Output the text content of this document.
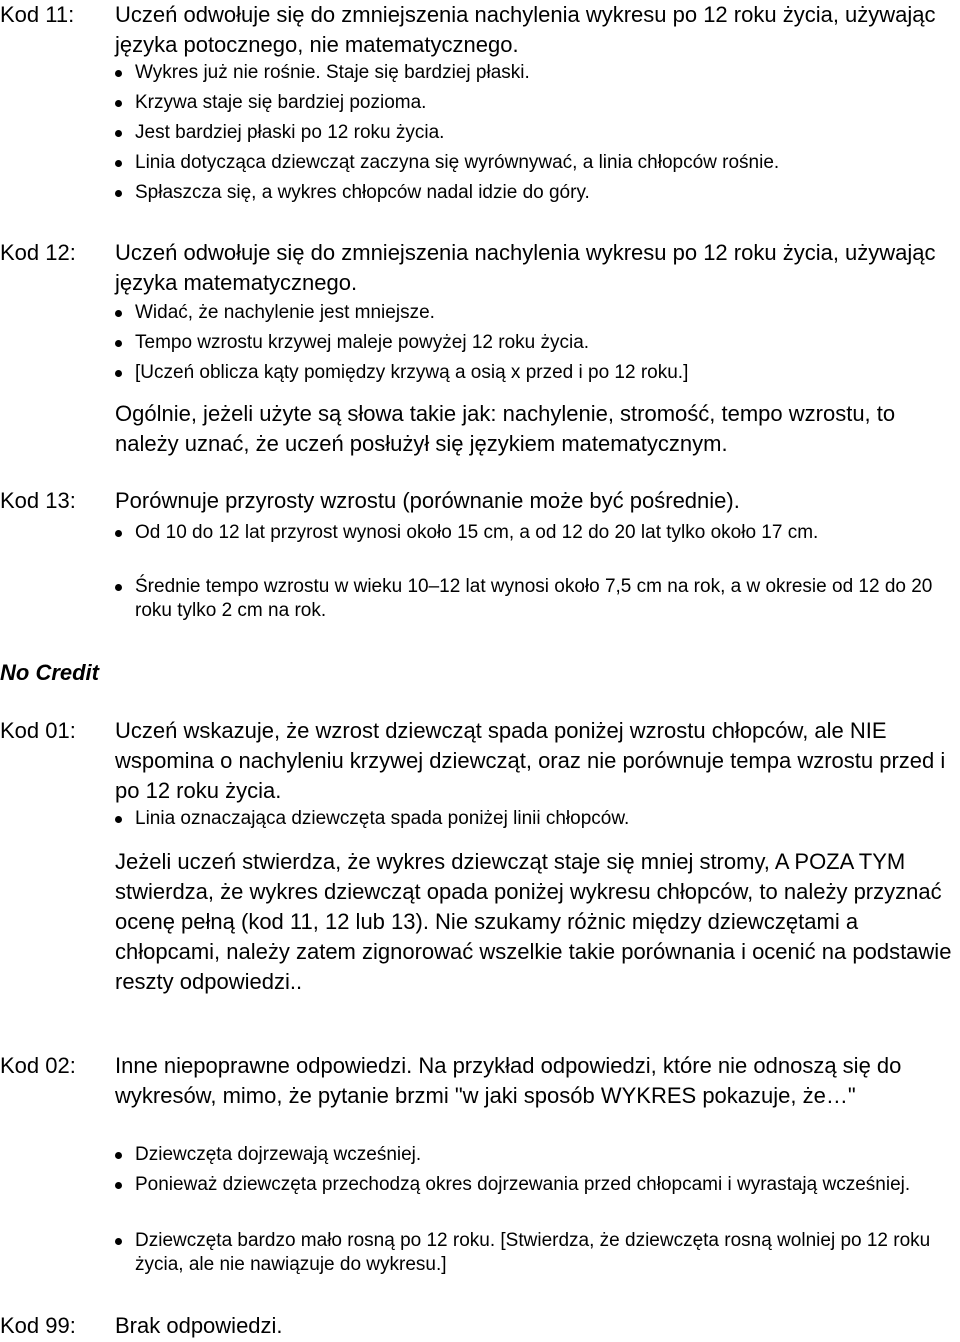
Kod 11: Uczeń odwołuje się do zmniejszenia nachylenia wykresu po 12 roku życia, używając języka potocznego, nie matematycznego.
Wykres już nie rośnie. Staje się bardziej płaski.
Krzywa staje się bardziej pozioma.
Jest bardziej płaski po 12 roku życia.
Linia dotycząca dziewcząt zaczyna się wyrównywać, a linia chłopców rośnie.
Spłaszcza się, a wykres chłopców nadal idzie do góry.
Kod 12: Uczeń odwołuje się do zmniejszenia nachylenia wykresu po 12 roku życia, używając języka matematycznego.
Widać, że nachylenie jest mniejsze.
Tempo wzrostu krzywej maleje powyżej 12 roku życia.
[Uczeń oblicza kąty pomiędzy krzywą a osią x przed i po 12 roku.]
Ogólnie, jeżeli użyte są słowa takie jak: nachylenie, stromość, tempo wzrostu, to należy uznać, że uczeń posłużył się językiem matematycznym.
Kod 13: Porównuje przyrosty wzrostu (porównanie może być pośrednie).
Od 10 do 12 lat przyrost wynosi około 15 cm, a od 12 do 20 lat tylko około 17 cm.
Średnie tempo wzrostu w wieku 10–12 lat wynosi około 7,5 cm na rok, a w okresie od 12 do 20 roku tylko 2 cm na rok.
No Credit
Kod 01: Uczeń wskazuje, że wzrost dziewcząt spada poniżej wzrostu chłopców, ale NIE wspomina o nachyleniu krzywej dziewcząt, oraz nie porównuje tempa wzrostu przed i po 12 roku życia.
Linia oznaczająca dziewczęta spada poniżej linii chłopców.
Jeżeli uczeń stwierdza, że wykres dziewcząt staje się mniej stromy, A POZA TYM stwierdza, że wykres dziewcząt opada poniżej wykresu chłopców, to należy przyznać ocenę pełną (kod 11, 12 lub 13). Nie szukamy różnic między dziewczętami a chłopcami, należy zatem zignorować wszelkie takie porównania i ocenić na podstawie reszty odpowiedzi..
Kod 02: Inne niepoprawne odpowiedzi. Na przykład odpowiedzi, które nie odnoszą się do wykresów, mimo, że pytanie brzmi "w jaki sposób WYKRES pokazuje, że…"
Dziewczęta dojrzewają wcześniej.
Ponieważ dziewczęta przechodzą okres dojrzewania przed chłopcami i wyrastają wcześniej.
Dziewczęta bardzo mało rosną po 12 roku. [Stwierdza, że dziewczęta rosną wolniej po 12 roku życia, ale nie nawiązuje do wykresu.]
Kod 99: Brak odpowiedzi.
